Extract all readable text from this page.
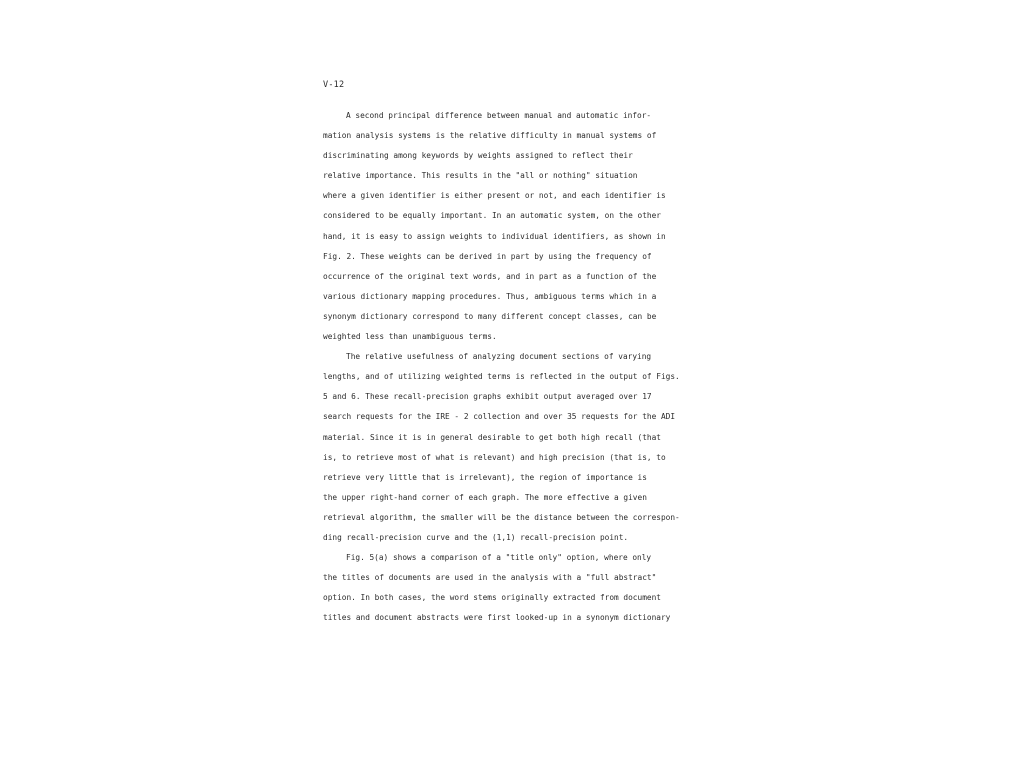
V-12
A second principal difference between manual and automatic infor-
mation analysis systems is the relative difficulty in manual systems of
discriminating among keywords by weights assigned to reflect their
relative importance. This results in the "all or nothing" situation
where a given identifier is either present or not, and each identifier is
considered to be equally important. In an automatic system, on the other
hand, it is easy to assign weights to individual identifiers, as shown in
Fig. 2. These weights can be derived in part by using the frequency of
occurrence of the original text words, and in part as a function of the
various dictionary mapping procedures. Thus, ambiguous terms which in a
synonym dictionary correspond to many different concept classes, can be
weighted less than unambiguous terms.
The relative usefulness of analyzing document sections of varying
lengths, and of utilizing weighted terms is reflected in the output of Figs.
5 and 6. These recall-precision graphs exhibit output averaged over 17
search requests for the IRE - 2 collection and over 35 requests for the ADI
material. Since it is in general desirable to get both high recall (that
is, to retrieve most of what is relevant) and high precision (that is, to
retrieve very little that is irrelevant), the region of importance is
the upper right-hand corner of each graph. The more effective a given
retrieval algorithm, the smaller will be the distance between the correspon-
ding recall-precision curve and the (1,1) recall-precision point.
Fig. 5(a) shows a comparison of a "title only" option, where only
the titles of documents are used in the analysis with a "full abstract"
option. In both cases, the word stems originally extracted from document
titles and document abstracts were first looked-up in a synonym dictionary
